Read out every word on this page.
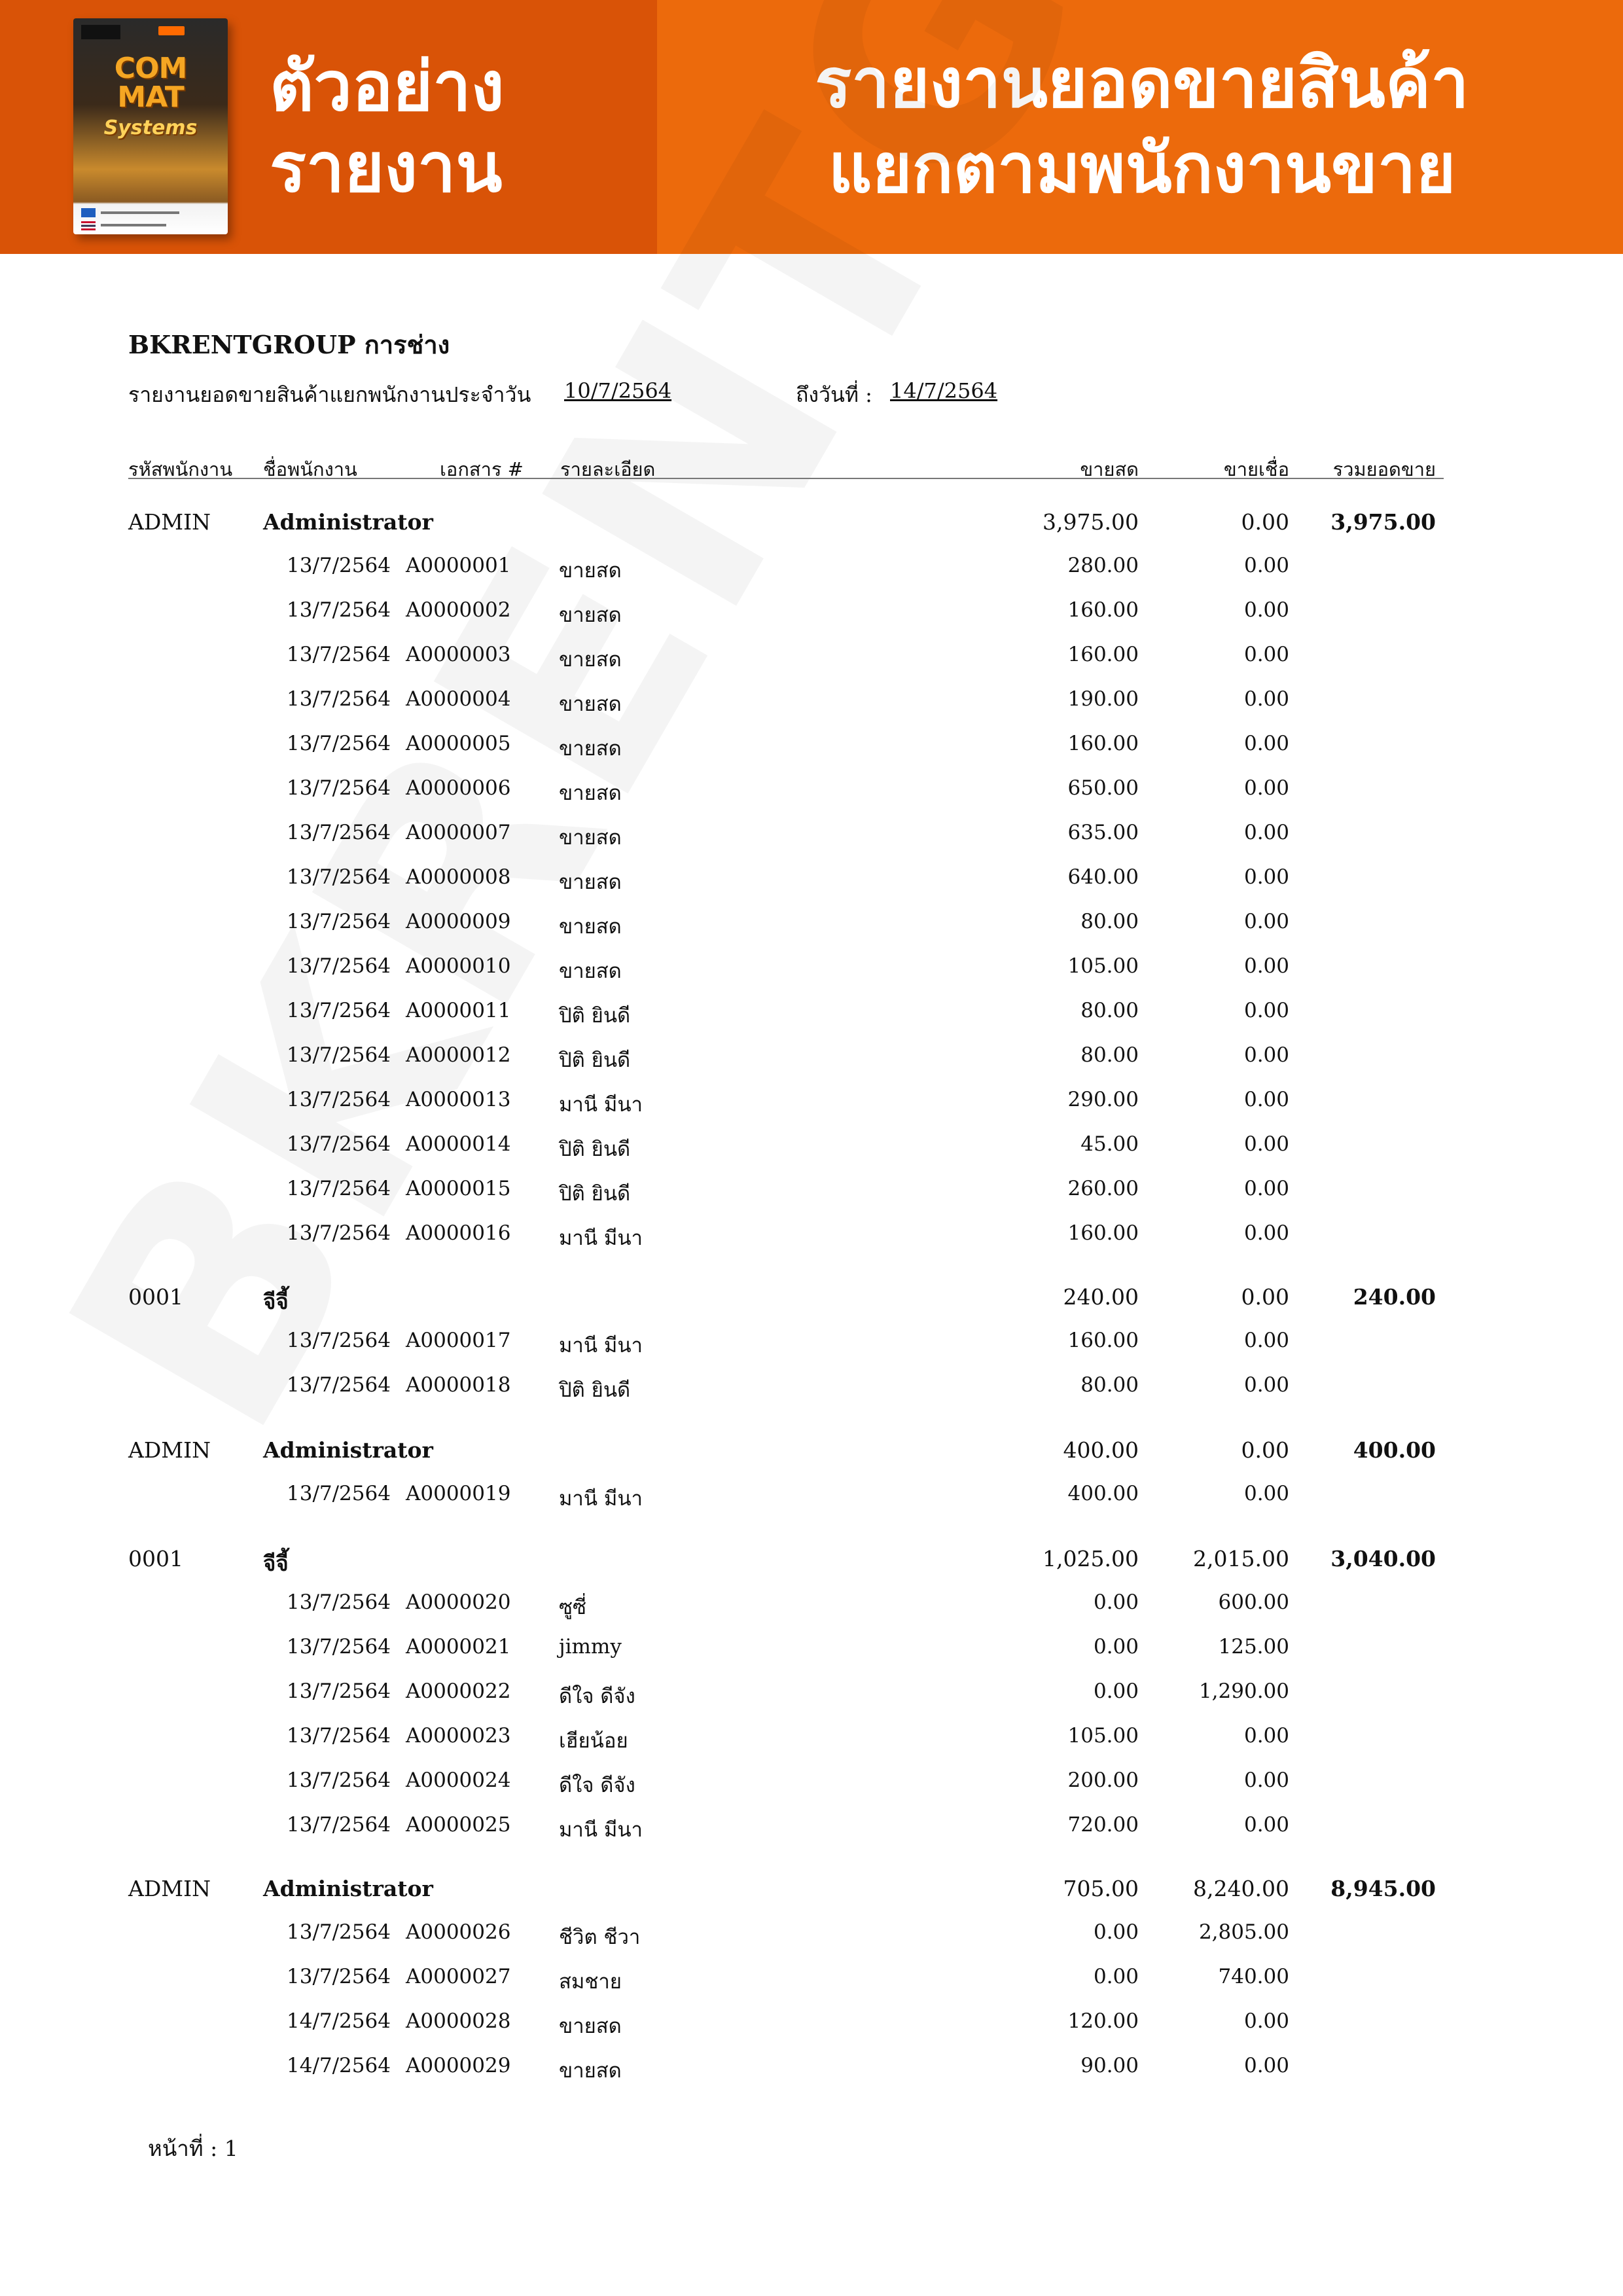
COM
MAT
Systems
ตัวอย่าง
รายงาน
รายงานยอดขายสินค้า
แยกตามพนักงานขาย
BKRENTGROUP การช่าง
รายงานยอดขายสินค้าแยกพนักงานประจำวัน 10/7/2564	ถึงวันที่ : 14/7/2564
รหัสพนักงาน ชื่อพนักงาน	เอกสาร # รายละเอียด	ขายสด	ขายเชื่อ รวมยอดขาย
ADMIN Administrator	3,975.00	0.00 3,975.00
13/7/2564 A0000001 ขายสด	280.00	0.00
13/7/2564 A0000002 ขายสด	160.00	0.00
13/7/2564 A0000003 ขายสด	160.00	0.00
13/7/2564 A0000004 ขายสด	190.00	0.00
13/7/2564 A0000005 ขายสด	160.00	0.00
13/7/2564 A0000006 ขายสด	650.00	0.00
13/7/2564 A0000007 ขายสด	635.00	0.00
13/7/2564 A0000008 ขายสด	640.00	0.00
13/7/2564 A0000009 ขายสด	80.00	0.00
13/7/2564 A0000010 ขายสด	105.00	0.00
13/7/2564 A0000011 ปิติ ยินดี	80.00	0.00
13/7/2564 A0000012 ปิติ ยินดี	80.00	0.00
13/7/2564 A0000013 มานี มีนา	290.00	0.00
13/7/2564 A0000014 ปิติ ยินดี	45.00	0.00
13/7/2564 A0000015 ปิติ ยินดี	260.00	0.00
13/7/2564 A0000016 มานี มีนา	160.00	0.00
0001	จีจี้	240.00	0.00	240.00
13/7/2564 A0000017 มานี มีนา	160.00	0.00
13/7/2564 A0000018 ปิติ ยินดี	80.00	0.00
ADMIN Administrator	400.00	0.00	400.00
13/7/2564 A0000019 มานี มีนา	400.00	0.00
0001	จีจี้	1,025.00	2,015.00 3,040.00
13/7/2564 A0000020 ซูซี่	0.00	600.00
13/7/2564 A0000021 jimmy	0.00	125.00
13/7/2564 A0000022 ดีใจ ดีจัง	0.00	1,290.00
13/7/2564 A0000023 เฮียน้อย	105.00	0.00
13/7/2564 A0000024 ดีใจ ดีจัง	200.00	0.00
13/7/2564 A0000025 มานี มีนา	720.00	0.00
ADMIN Administrator	705.00	8,240.00 8,945.00
13/7/2564 A0000026 ชีวิต ชีวา	0.00	2,805.00
13/7/2564 A0000027 สมชาย	0.00	740.00
14/7/2564 A0000028 ขายสด	120.00	0.00
14/7/2564 A0000029 ขายสด	90.00	0.00
หน้าที่ : 1
